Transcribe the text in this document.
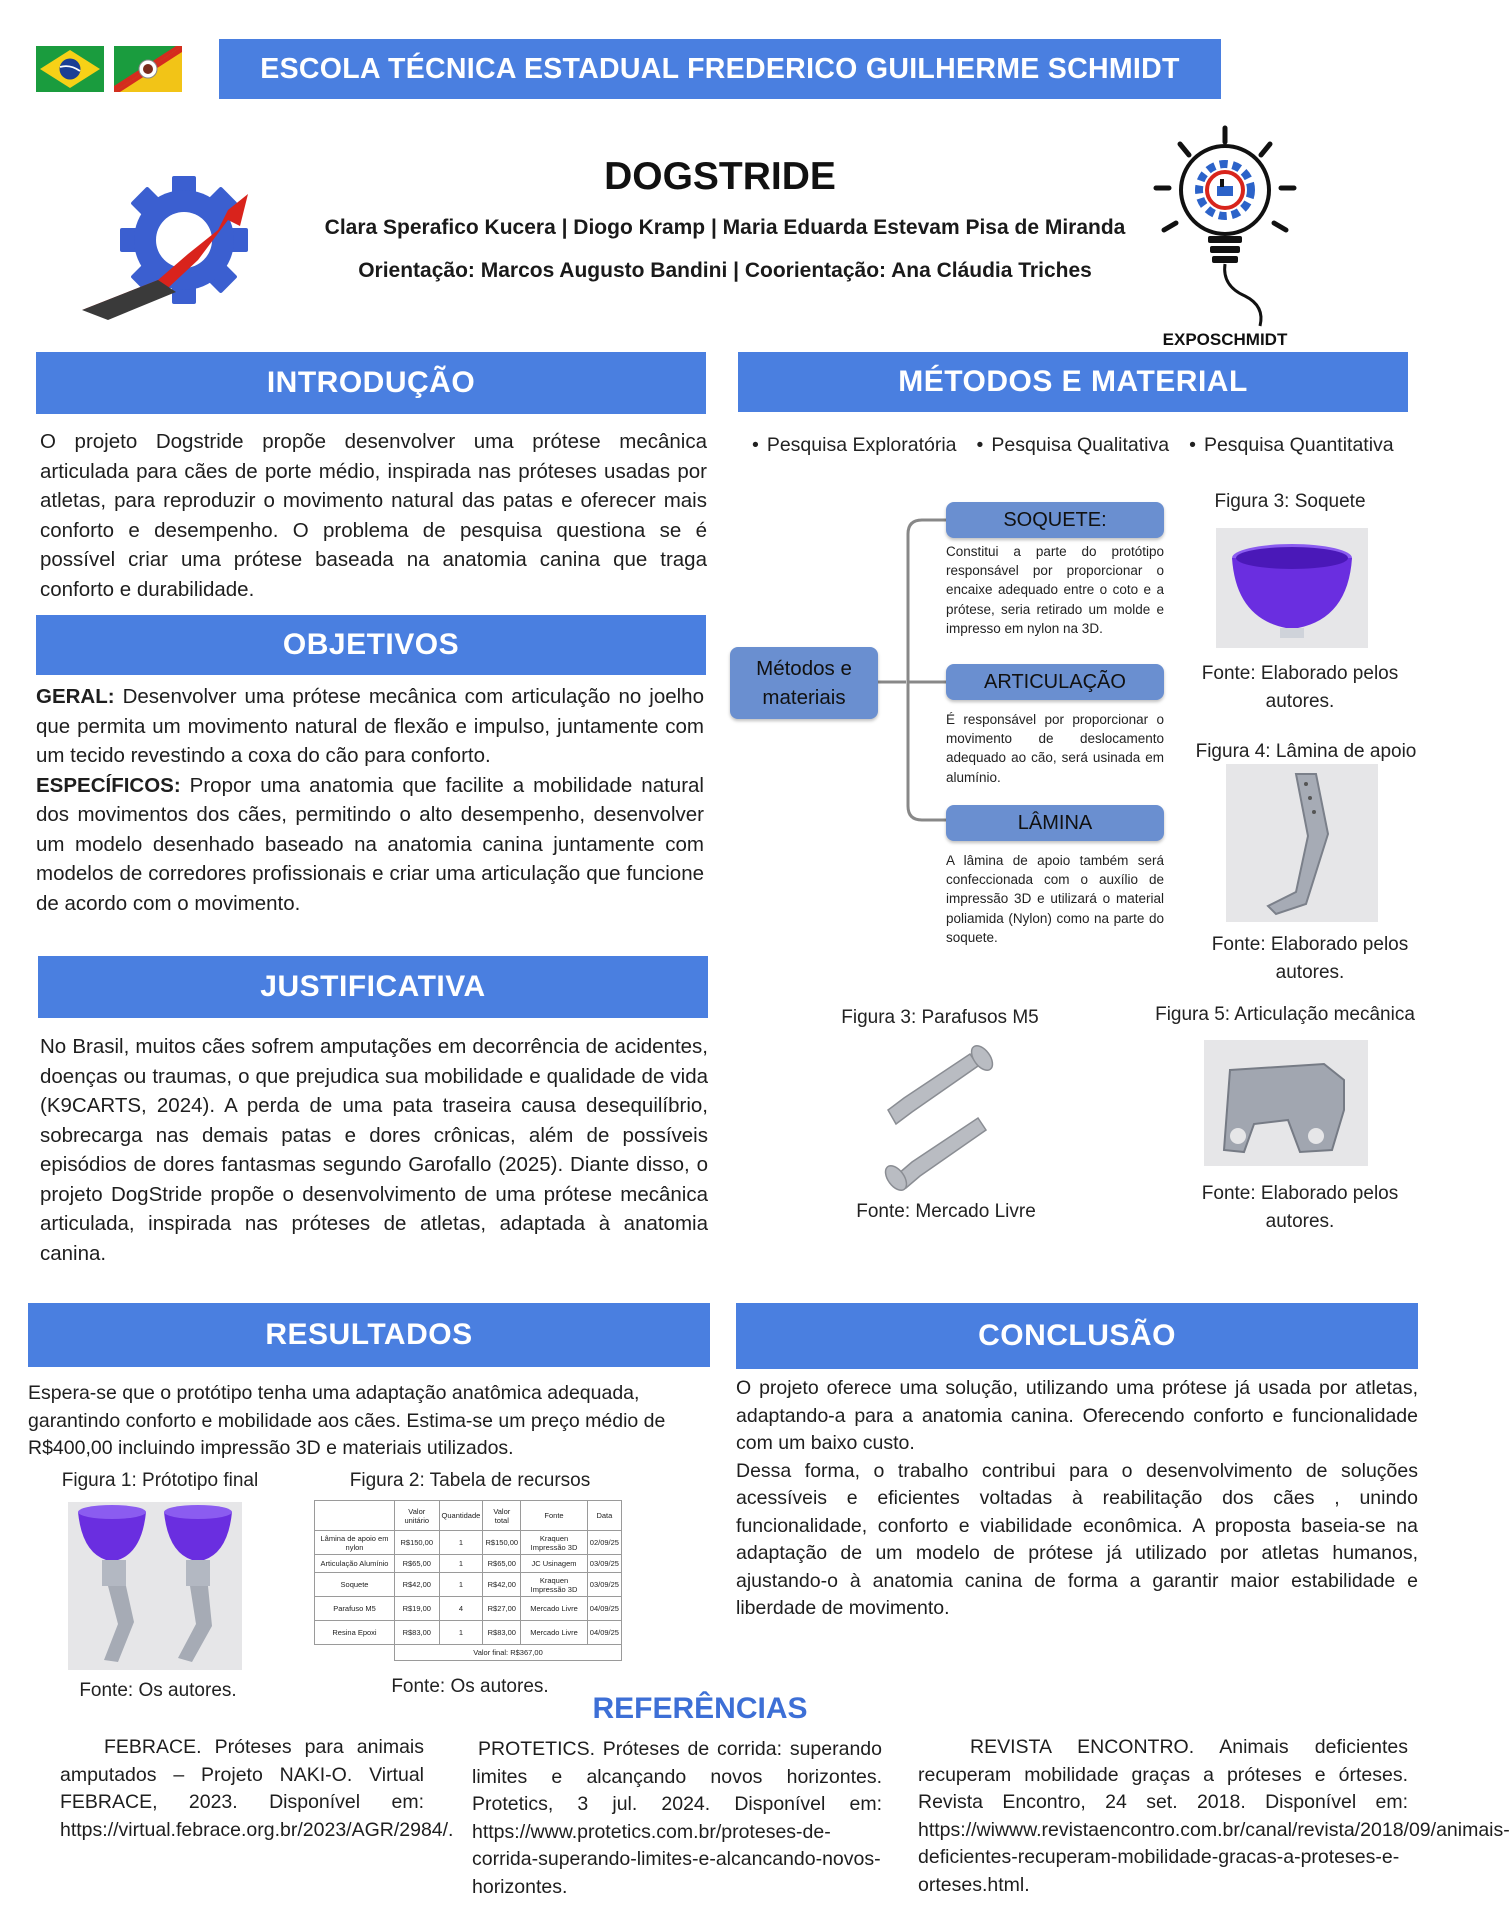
ESCOLA TÉCNICA ESTADUAL FREDERICO GUILHERME SCHMIDT
DOGSTRIDE
Clara Sperafico Kucera | Diogo Kramp | Maria Eduarda Estevam Pisa de Miranda
Orientação: Marcos Augusto Bandini | Coorientação: Ana Cláudia Triches
EXPOSCHMIDT
INTRODUÇÃO
O projeto Dogstride propõe desenvolver uma prótese mecânica articulada para cães de porte médio, inspirada nas próteses usadas por atletas, para reproduzir o movimento natural das patas e oferecer mais conforto e desempenho. O problema de pesquisa questiona se é possível criar uma prótese baseada na anatomia canina que traga conforto e durabilidade.
OBJETIVOS
GERAL: Desenvolver uma prótese mecânica com articulação no joelho que permita um movimento natural de flexão e impulso, juntamente com um tecido revestindo a coxa do cão para conforto.
ESPECÍFICOS: Propor uma anatomia que facilite a mobilidade natural dos movimentos dos cães, permitindo o alto desempenho, desenvolver um modelo desenhado baseado na anatomia canina juntamente com modelos de corredores profissionais e criar uma articulação que funcione de acordo com o movimento.
JUSTIFICATIVA
No Brasil, muitos cães sofrem amputações em decorrência de acidentes, doenças ou traumas, o que prejudica sua mobilidade e qualidade de vida (K9CARTS, 2024). A perda de uma pata traseira causa desequilíbrio, sobrecarga nas demais patas e dores crônicas, além de possíveis episódios de dores fantasmas segundo Garofallo (2025). Diante disso, o projeto DogStride propõe o desenvolvimento de uma prótese mecânica articulada, inspirada nas próteses de atletas, adaptada à anatomia canina.
MÉTODOS E MATERIAL
• Pesquisa Exploratória	• Pesquisa Qualitativa	• Pesquisa Quantitativa
Métodos e materiais
SOQUETE:
Constitui a parte do protótipo responsável por proporcionar o encaixe adequado entre o coto e a prótese, seria retirado um molde e impresso em nylon na 3D.
ARTICULAÇÃO
É responsável por proporcionar o movimento de deslocamento adequado ao cão, será usinada em alumínio.
LÂMINA
A lâmina de apoio também será confeccionada com o auxílio de impressão 3D e utilizará o material poliamida (Nylon) como na parte do soquete.
Figura 3: Soquete
Fonte: Elaborado pelos autores.
Figura 4: Lâmina de apoio
Fonte: Elaborado pelos autores.
Figura 3: Parafusos M5
Fonte: Mercado Livre
Figura 5: Articulação mecânica
Fonte: Elaborado pelos autores.
RESULTADOS
Espera-se que o protótipo tenha uma adaptação anatômica adequada, garantindo conforto e mobilidade aos cães. Estima-se um preço médio de R$400,00 incluindo impressão 3D e materiais utilizados.
Figura 1: Prótotipo final
Fonte: Os autores.
Figura 2: Tabela de recursos
	Valor unitário	Quantidade	Valor total	Fonte	Data
Lâmina de apoio em nylon	R$150,00	1	R$150,00	Kraquen Impressão 3D	02/09/25
Articulação Alumínio	R$65,00	1	R$65,00	JC Usinagem	03/09/25
Soquete	R$42,00	1	R$42,00	Kraquen Impressão 3D	03/09/25
Parafuso M5	R$19,00	4	R$27,00	Mercado Livre	04/09/25
Resina Epoxi	R$83,00	1	R$83,00	Mercado Livre	04/09/25
	Valor final: R$367,00				
Fonte: Os autores.
CONCLUSÃO
O projeto oferece uma solução, utilizando uma prótese já usada por atletas, adaptando-a para a anatomia canina. Oferecendo conforto e funcionalidade com um baixo custo.
Dessa forma, o trabalho contribui para o desenvolvimento de soluções acessíveis e eficientes voltadas à reabilitação dos cães , unindo funcionalidade, conforto e viabilidade econômica. A proposta baseia-se na adaptação de um modelo de prótese já utilizado por atletas humanos, ajustando-o à anatomia canina de forma a garantir maior estabilidade e liberdade de movimento.
REFERÊNCIAS
FEBRACE. Próteses para animais amputados – Projeto NAKI-O. Virtual FEBRACE, 2023. Disponível em: https://virtual.febrace.org.br/2023/AGR/2984/.
PROTETICS. Próteses de corrida: superando limites e alcançando novos horizontes. Protetics, 3 jul. 2024. Disponível em: https://www.protetics.com.br/proteses-de-corrida-superando-limites-e-alcancando-novos-horizontes.
REVISTA ENCONTRO. Animais deficientes recuperam mobilidade graças a próteses e órteses. Revista Encontro, 24 set. 2018. Disponível em: https://wiwww.revistaencontro.com.br/canal/revista/2018/09/animais-deficientes-recuperam-mobilidade-gracas-a-proteses-e-orteses.html.
